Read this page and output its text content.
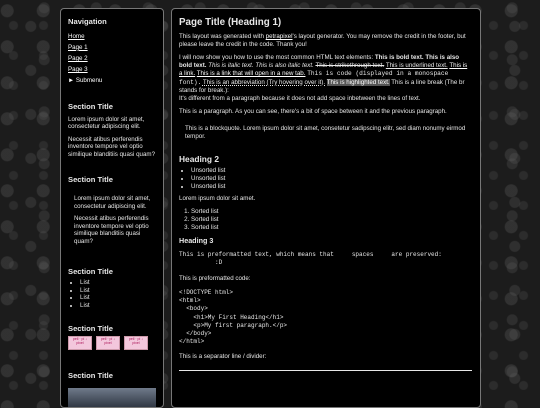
Navigation
Home
Page 1
Page 2
Page 3
► Submenu
Section Title

Lorem ipsum dolor sit amet, consectetur adipiscing elit.

Necessit atibus perferendis inventore tempore vel optio similique blanditiis quasi quam?

Section Title

Lorem ipsum dolor sit amet, consectetur adipiscing elit.

Necessit atibus perferendis inventore tempore vel optio similique blanditiis quasi quam?

Section Title
• List
• List
• List
• List
Section Title
pell · pi ↓ pixel
pell · pi ↓ pixel
pell · pi ↓ pixel
Section Title
Page Title (Heading 1)

This layout was generated with petrapixel's layout generator. You may remove the credit in the footer, but please leave the credit in the code. Thank you!

I will now show you how to use the most common HTML text elements: This is bold text. This is also bold text. This is italic text. This is also italic text. This is strikethrough text. This is underlined text. This is a link. This is a link that will open in a new tab. This is code (displayed in a monospace font). This is an abbreviation (Try hovering over it). This is highlighted text. This is a line break (The br stands for break.):
It's different from a paragraph because it does not add space inbetween the lines of text.

This is a paragraph. As you can see, there's a bit of space between it and the previous paragraph.

This is a blockquote. Lorem ipsum dolor sit amet, consetetur sadipscing elitr, sed diam nonumy eirmod tempor.
Heading 2
• Unsorted list
• Unsorted list
• Unsorted list

Lorem ipsum dolor sit amet.

1. Sorted list
2. Sorted list
3. Sorted list
Heading 3
This is preformatted text, which means that     spaces     are preserved:
:D

This is preformatted code:

<!DOCTYPE html>
<html>
<body>
<h1>My First Heading</h1>
<p>My first paragraph.</p>
</body>
</html>

This is a separator line / divider:
